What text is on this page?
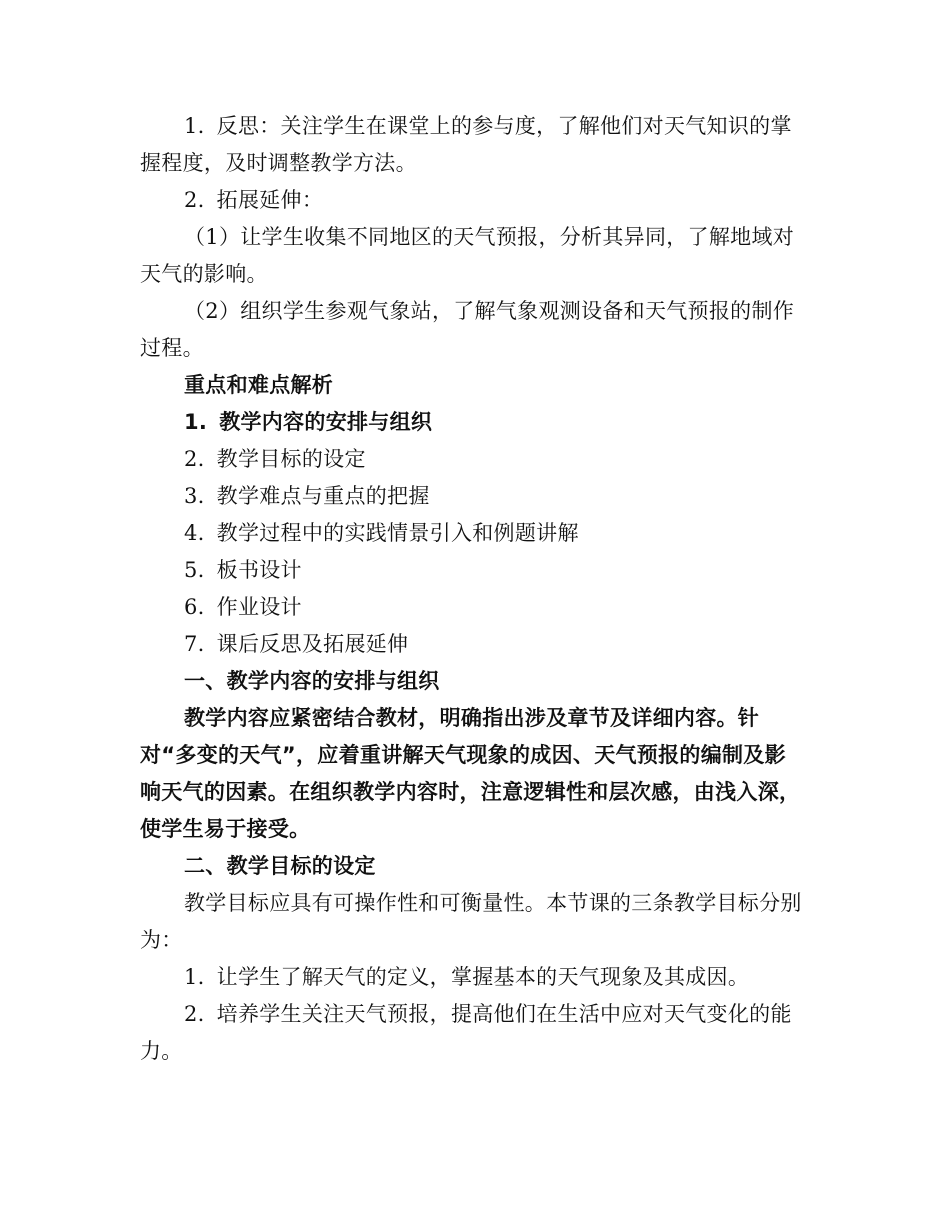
1. 反思：关注学生在课堂上的参与度，了解他们对天气知识的掌握程度，及时调整教学方法。

2. 拓展延伸：

（1）让学生收集不同地区的天气预报，分析其异同，了解地域对天气的影响。

（2）组织学生参观气象站，了解气象观测设备和天气预报的制作过程。

重点和难点解析

1. 教学内容的安排与组织

2. 教学目标的设定

3. 教学难点与重点的把握

4. 教学过程中的实践情景引入和例题讲解

5. 板书设计

6. 作业设计

7. 课后反思及拓展延伸

一、教学内容的安排与组织

教学内容应紧密结合教材，明确指出涉及章节及详细内容。针对“多变的天气”，应着重讲解天气现象的成因、天气预报的编制及影响天气的因素。在组织教学内容时，注意逻辑性和层次感，由浅入深，使学生易于接受。

二、教学目标的设定

教学目标应具有可操作性和可衡量性。本节课的三条教学目标分别为：

1. 让学生了解天气的定义，掌握基本的天气现象及其成因。

2. 培养学生关注天气预报，提高他们在生活中应对天气变化的能力。
